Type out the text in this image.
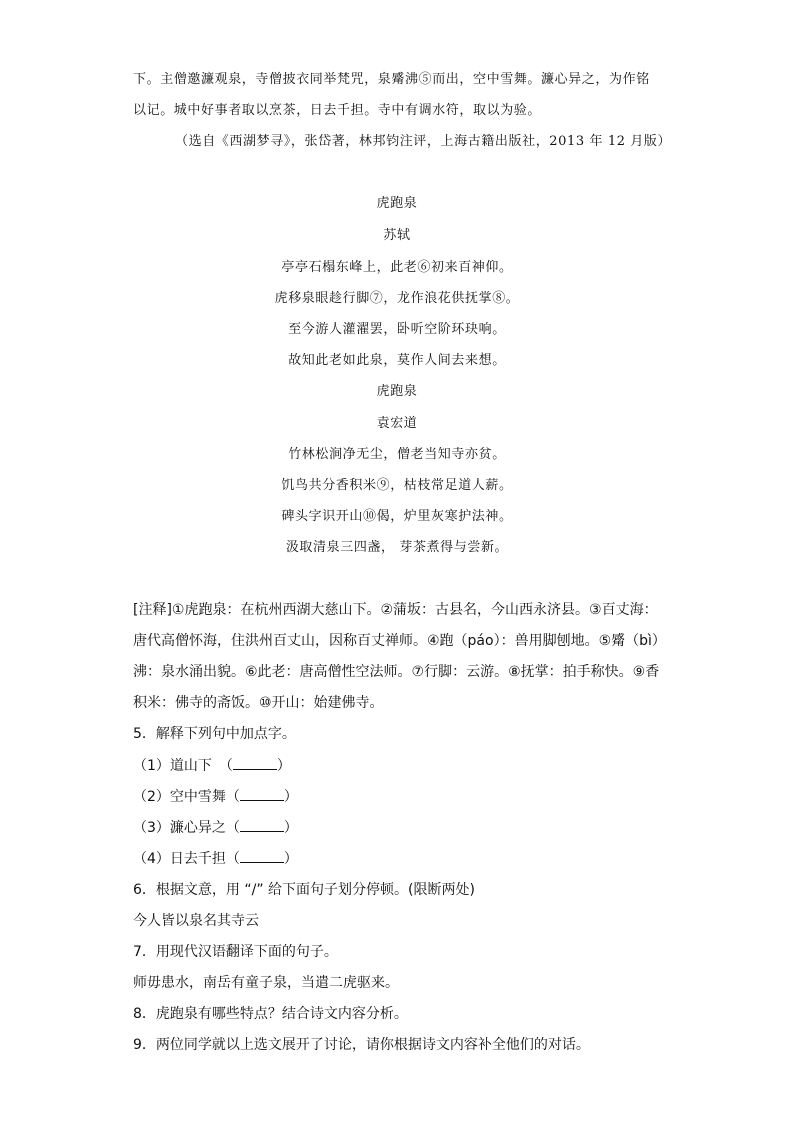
下。主僧邀濂观泉，寺僧披衣同举梵咒，泉觱沸⑤而出，空中雪舞。濂心异之，为作铭
以记。城中好事者取以烹茶，日去千担。寺中有调水符，取以为验。
（选自《西湖梦寻》，张岱著，林邦钧注评，上海古籍出版社，2013 年 12 月版）
虎跑泉
苏轼
亭亭石榻东峰上，此老⑥初来百神仰。
虎移泉眼趁行脚⑦，龙作浪花供抚掌⑧。
至今游人灌濯罢，卧听空阶环玦响。
故知此老如此泉，莫作人间去来想。
虎跑泉
袁宏道
竹林松涧净无尘，僧老当知寺亦贫。
饥鸟共分香积米⑨，枯枝常足道人薪。
碑头字识开山⑩偈，炉里灰寒护法神。
汲取清泉三四盏， 芽茶煮得与尝新。
[注释]①虎跑泉：在杭州西湖大慈山下。②蒲坂：古县名，今山西永济县。③百丈海：
唐代高僧怀海，住洪州百丈山，因称百丈禅师。④跑（páo）：兽用脚刨地。⑤觱（bì）
沸：泉水涌出貌。⑥此老：唐高僧性空法师。⑦行脚：云游。⑧抚掌：拍手称快。⑨香
积米：佛寺的斋饭。⑩开山：始建佛寺。
5．解释下列句中加点字。
（1）道山下　 （	）
（2）空中雪舞（	）
（3）濂心异之（	）
（4）日去千担（	）
6．根据文意，用 “/” 给下面句子划分停顿。(限断两处)
今人皆以泉名其寺云
7．用现代汉语翻译下面的句子。
师毋患水，南岳有童子泉，当遣二虎驱来。
8．虎跑泉有哪些特点？结合诗文内容分析。
9．两位同学就以上选文展开了讨论，请你根据诗文内容补全他们的对话。
